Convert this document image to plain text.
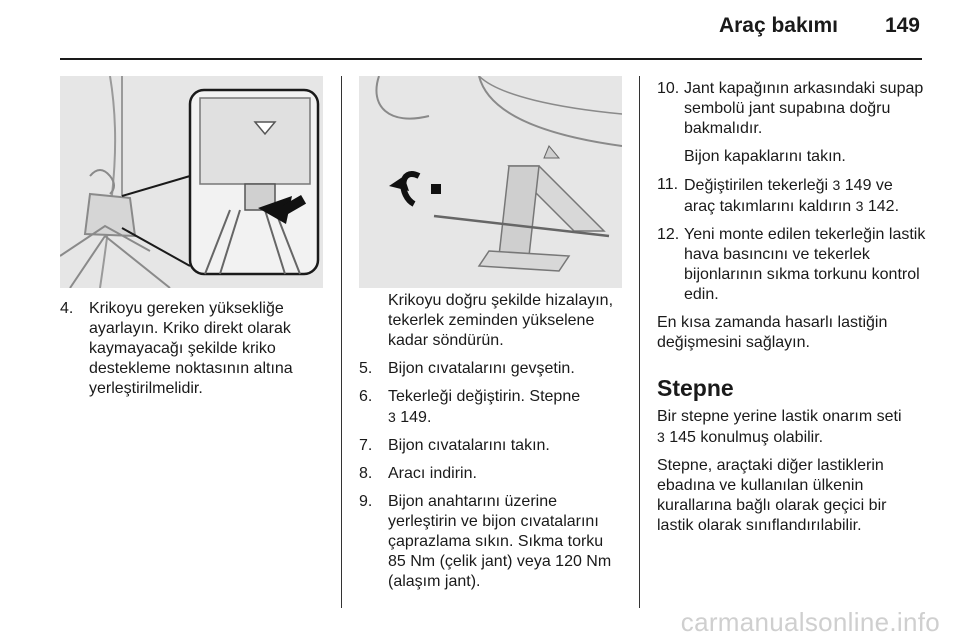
Araç bakımı 149
4. Krikoyu gereken yüksekliğe ayarlayın. Kriko direkt olarak kaymayacağı şekilde kriko destekleme noktasının altına yerleştirilmelidir.

Krikoyu doğru şekilde hizalayın, tekerlek zeminden yükselene kadar söndürün.

5. Bijon cıvatalarını gevşetin.
6. Tekerleği değiştirin. Stepne
3 149.
7. Bijon cıvatalarını takın.
8. Aracı indirin.
9. Bijon anahtarını üzerine yerleştirin ve bijon cıvatalarını çaprazlama sıkın. Sıkma torku 85 Nm (çelik jant) veya 120 Nm (alaşım jant).
10. Jant kapağının arkasındaki supap sembolü jant supabına doğru bakmalıdır.

Bijon kapaklarını takın.

11. Değiştirilen tekerleği 3 149 ve araç takımlarını kaldırın 3 142.
12. Yeni monte edilen tekerleğin lastik hava basıncını ve tekerlek bijonlarının sıkma torkunu kontrol edin.

En kısa zamanda hasarlı lastiğin değişmesini sağlayın.

Stepne

Bir stepne yerine lastik onarım seti
3 145 konulmuş olabilir.

Stepne, araçtaki diğer lastiklerin ebadına ve kullanılan ülkenin kurallarına bağlı olarak geçici bir lastik olarak sınıflandırılabilir.

carmanualsonline.info
